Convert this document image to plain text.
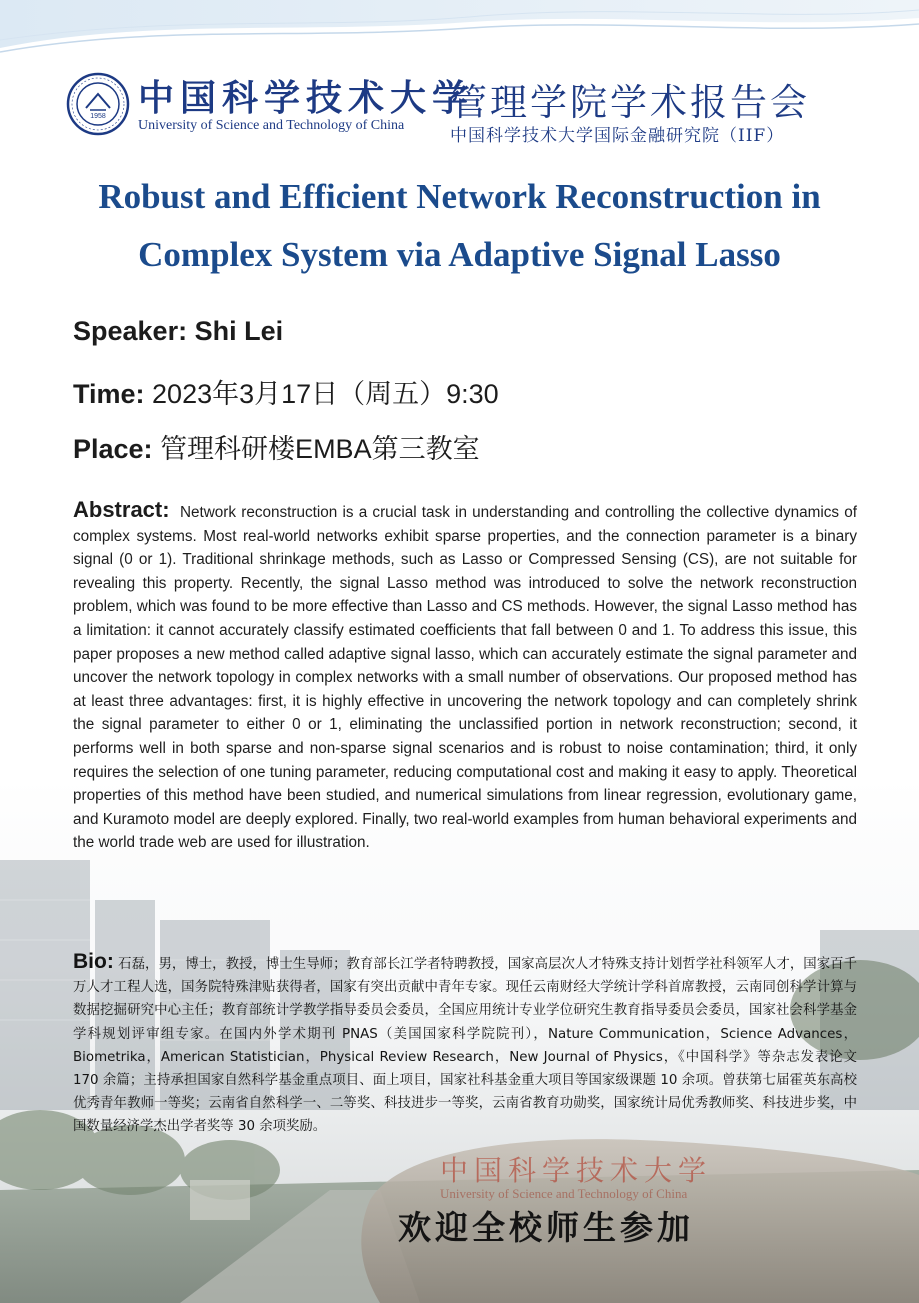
中国科学技术大学
University of Science and Technology of China
1958 中国科学技术大学
University of Science and Technology of China
管理学院学术报告会
中国科学技术大学国际金融研究院（IIF）
Robust and Efficient Network Reconstruction in
Complex System via Adaptive Signal Lasso
Speaker: Shi Lei
Time: 2023年3月17日（周五）9:30
Place: 管理科研楼EMBA第三教室
Abstract: Network reconstruction is a crucial task in understanding and controlling the collective dynamics of complex systems. Most real-world networks exhibit sparse properties, and the connection parameter is a binary signal (0 or 1). Traditional shrinkage methods, such as Lasso or Compressed Sensing (CS), are not suitable for revealing this property. Recently, the signal Lasso method was introduced to solve the network reconstruction problem, which was found to be more effective than Lasso and CS methods. However, the signal Lasso method has a limitation: it cannot accurately classify estimated coefficients that fall between 0 and 1. To address this issue, this paper proposes a new method called adaptive signal lasso, which can accurately estimate the signal parameter and uncover the network topology in complex networks with a small number of observations. Our proposed method has at least three advantages: first, it is highly effective in uncovering the network topology and can completely shrink the signal parameter to either 0 or 1, eliminating the unclassified portion in network reconstruction; second, it performs well in both sparse and non-sparse signal scenarios and is robust to noise contamination; third, it only requires the selection of one tuning parameter, reducing computational cost and making it easy to apply. Theoretical properties of this method have been studied, and numerical simulations from linear regression, evolutionary game, and Kuramoto model are deeply explored. Finally, two real-world examples from human behavioral experiments and the world trade web are used for illustration.
Bio: 石磊，男，博士，教授，博士生导师；教育部长江学者特聘教授，国家高层次人才特殊支持计划哲学社科领军人才，国家百千万人才工程人选，国务院特殊津贴获得者，国家有突出贡献中青年专家。现任云南财经大学统计学科首席教授，云南同创科学计算与数据挖掘研究中心主任；教育部统计学教学指导委员会委员，全国应用统计专业学位研究生教育指导委员会委员，国家社会科学基金学科规划评审组专家。在国内外学术期刊 PNAS（美国国家科学院院刊），Nature Communication，Science Advances，Biometrika，American Statistician，Physical Review Research，New Journal of Physics，《中国科学》等杂志发表论文 170 余篇；主持承担国家自然科学基金重点项目、面上项目，国家社科基金重大项目等国家级课题 10 余项。曾获第七届霍英东高校优秀青年教师一等奖；云南省自然科学一、二等奖、科技进步一等奖，云南省教育功勋奖，国家统计局优秀教师奖、科技进步奖，中国数量经济学杰出学者奖等 30 余项奖励。
欢迎全校师生参加
